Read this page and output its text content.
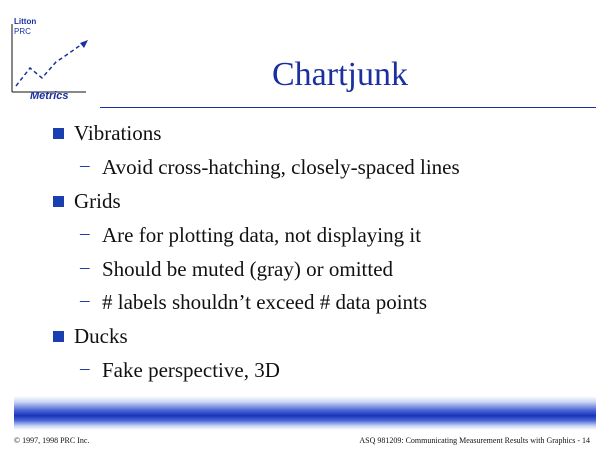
Litton
PRC
Metrics
Chartjunk
Vibrations
– Avoid cross-hatching, closely-spaced lines
Grids
– Are for plotting data, not displaying it
– Should be muted (gray) or omitted
– # labels shouldn’t exceed # data points
Ducks
– Fake perspective, 3D
© 1997, 1998 PRC Inc.	ASQ 981209: Communicating Measurement Results with Graphics - 14
